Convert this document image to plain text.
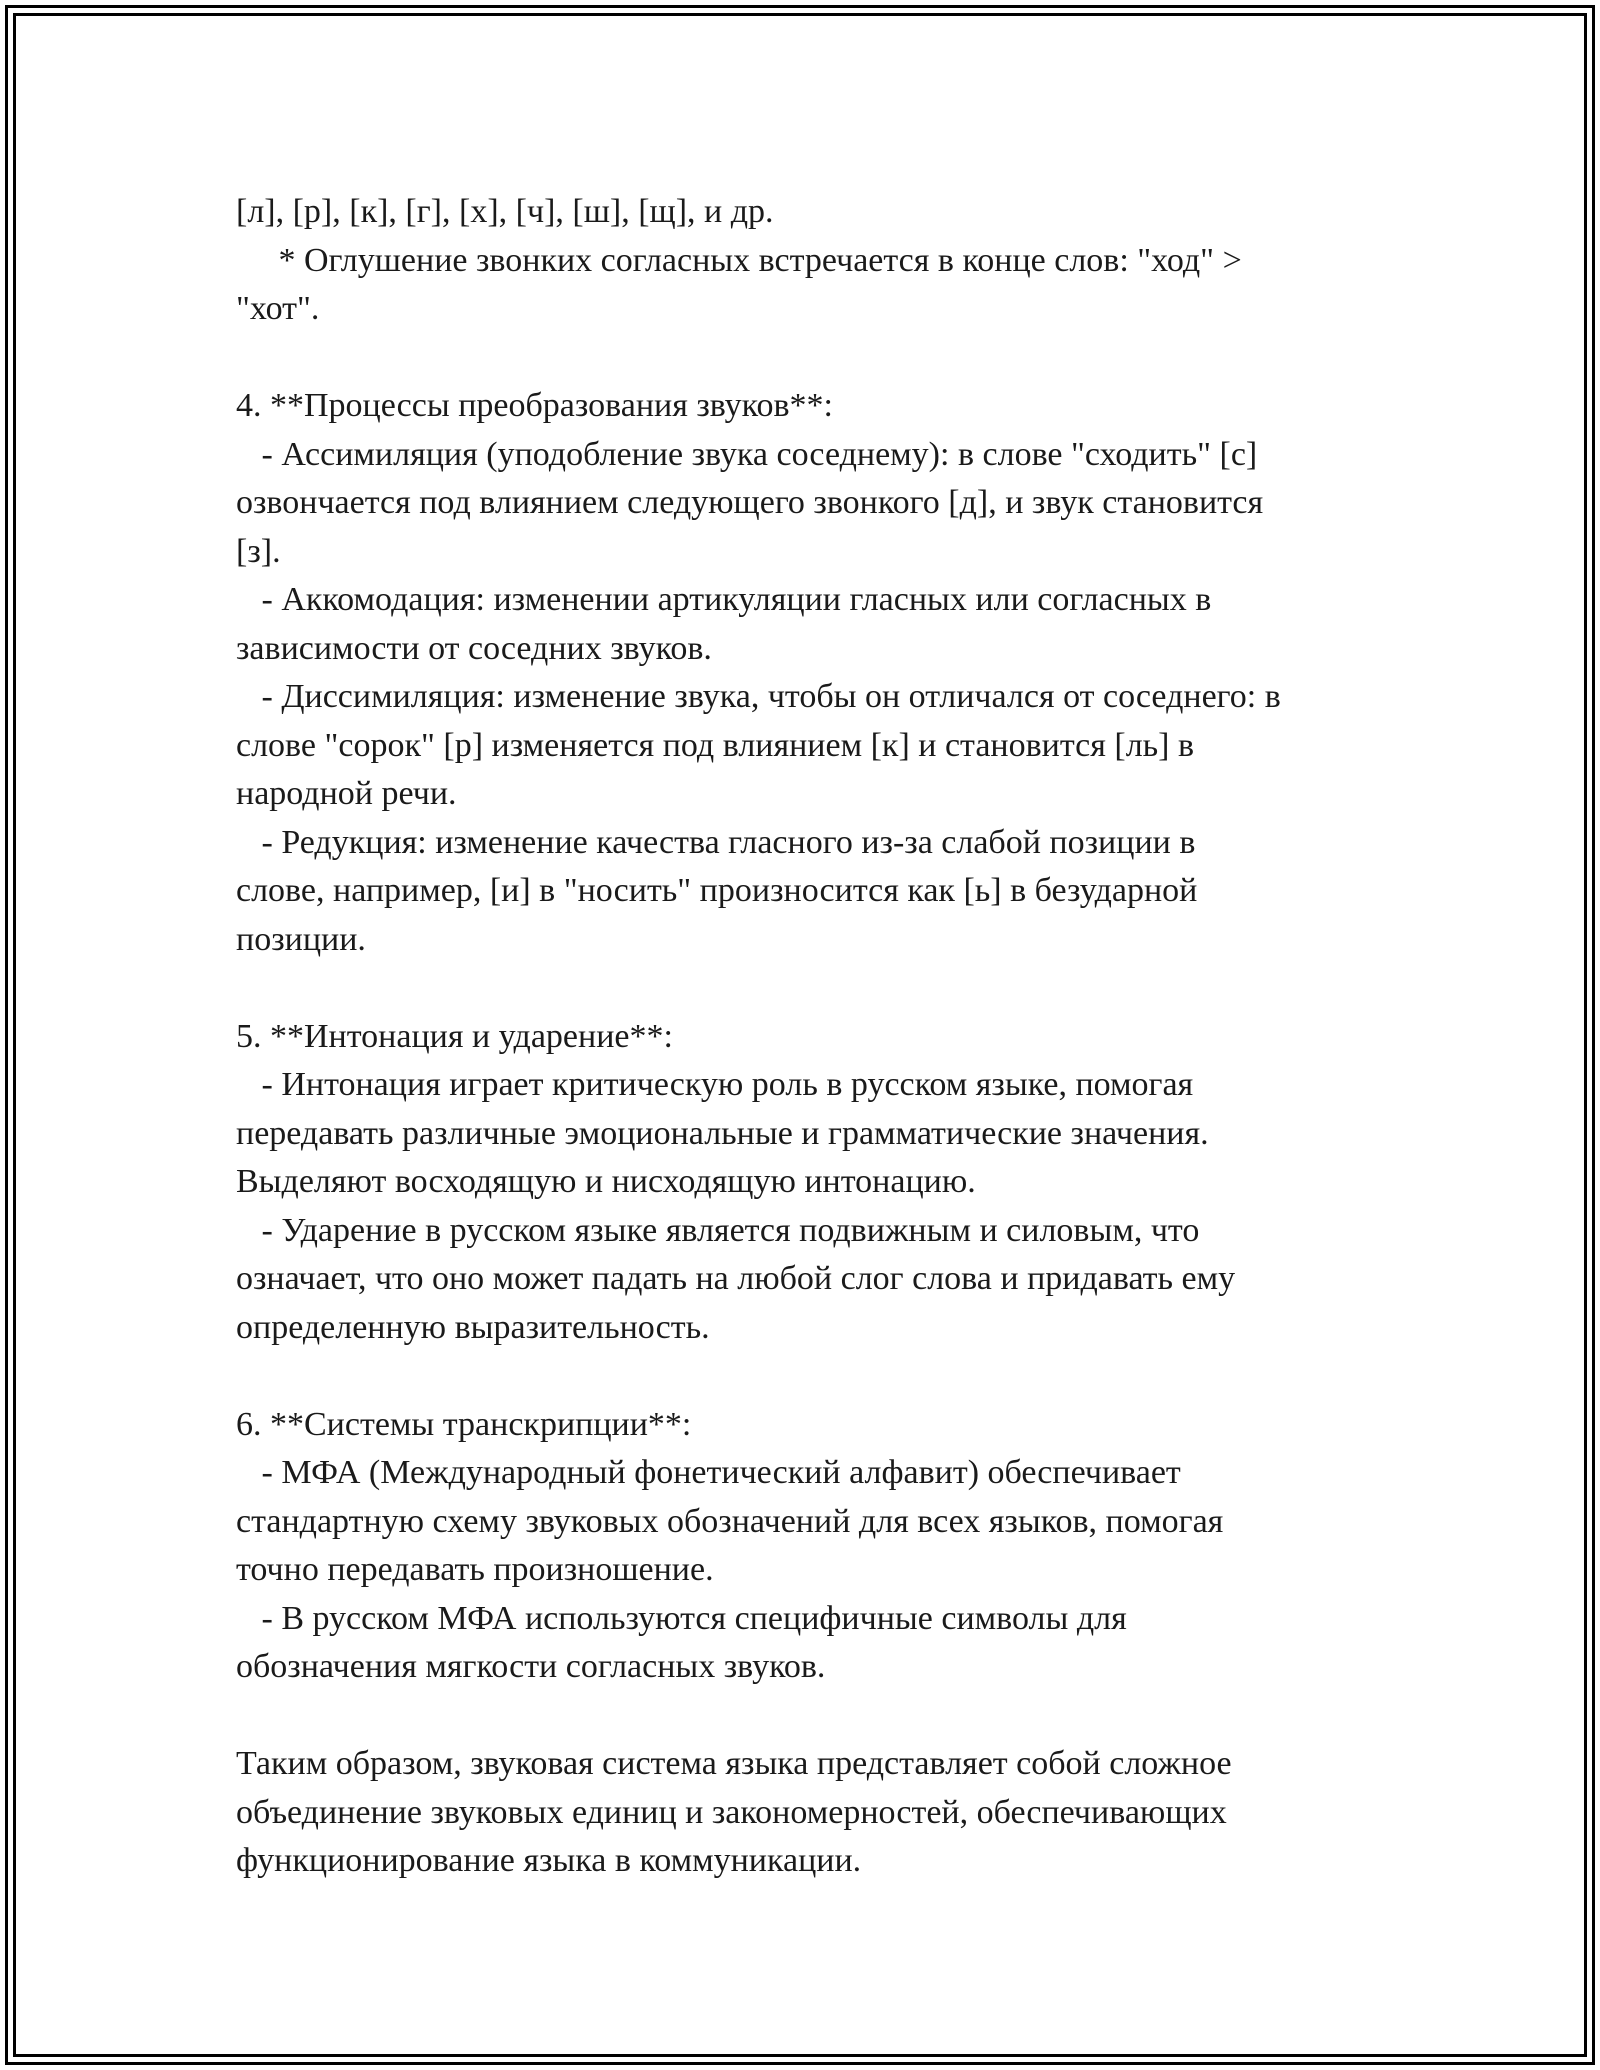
[л], [р], [к], [г], [х], [ч], [ш], [щ], и др.
* Оглушение звонких согласных встречается в конце слов: "ход" >
"хот".
4. **Процессы преобразования звуков**:
- Ассимиляция (уподобление звука соседнему): в слове "сходить" [с]
озвончается под влиянием следующего звонкого [д], и звук становится
[з].
- Аккомодация: изменении артикуляции гласных или согласных в
зависимости от соседних звуков.
- Диссимиляция: изменение звука, чтобы он отличался от соседнего: в
слове "сорок" [р] изменяется под влиянием [к] и становится [ль] в
народной речи.
- Редукция: изменение качества гласного из-за слабой позиции в
слове, например, [и] в "носить" произносится как [ь] в безударной
позиции.
5. **Интонация и ударение**:
- Интонация играет критическую роль в русском языке, помогая
передавать различные эмоциональные и грамматические значения.
Выделяют восходящую и нисходящую интонацию.
- Ударение в русском языке является подвижным и силовым, что
означает, что оно может падать на любой слог слова и придавать ему
определенную выразительность.
6. **Системы транскрипции**:
- МФА (Международный фонетический алфавит) обеспечивает
стандартную схему звуковых обозначений для всех языков, помогая
точно передавать произношение.
- В русском МФА используются специфичные символы для
обозначения мягкости согласных звуков.
Таким образом, звуковая система языка представляет собой сложное
объединение звуковых единиц и закономерностей, обеспечивающих
функционирование языка в коммуникации.
